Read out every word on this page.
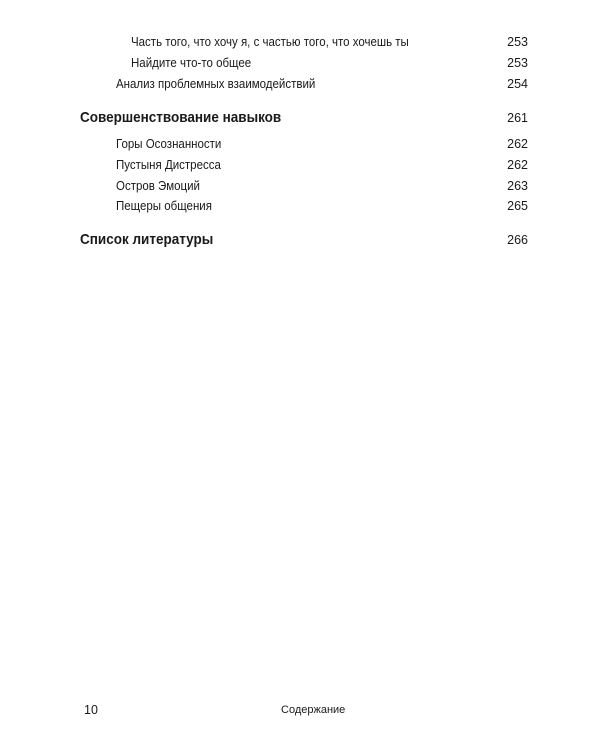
Часть того, что хочу я, с частью того, что хочешь ты	253
Найдите что-то общее	253
Анализ проблемных взаимодействий	254
Совершенствование навыков	261
Горы Осознанности	262
Пустыня Дистресса	262
Остров Эмоций	263
Пещеры общения	265
Список литературы	266
10	Содержание
